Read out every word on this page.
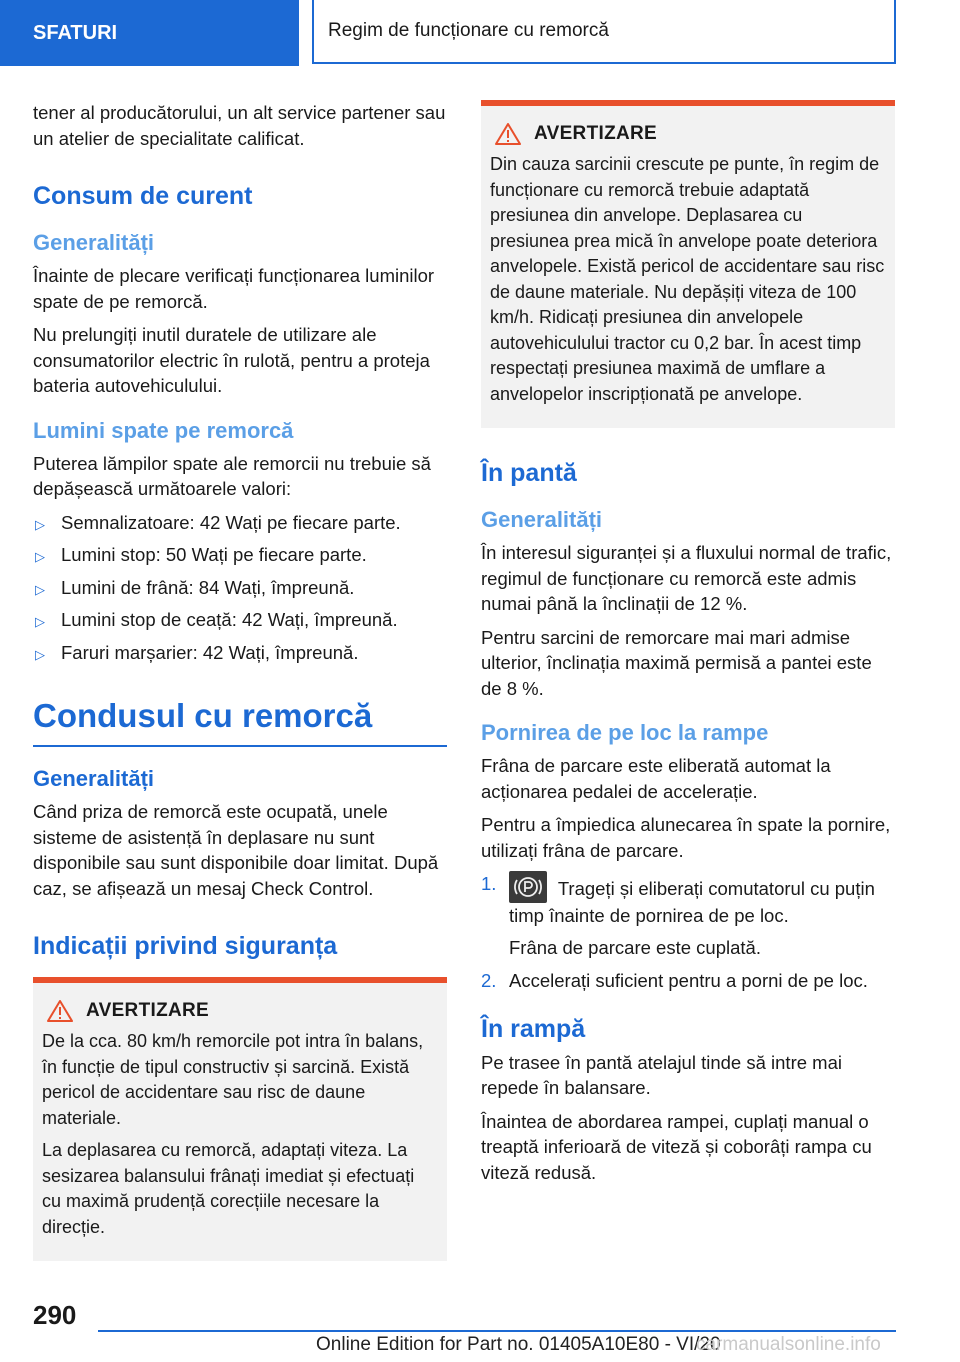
SFATURI	Regim de funcționare cu remorcă

tener al producătorului, un alt service partener sau un atelier de specialitate calificat.

Consum de curent
Generalități

Înainte de plecare verificați funcționarea luminilor spate de pe remorcă.

Nu prelungiți inutil duratele de utilizare ale consumatorilor electric în rulotă, pentru a proteja bateria autovehiculului.

Lumini spate pe remorcă

Puterea lămpilor spate ale remorcii nu trebuie să depășească următoarele valori:

▷ Semnalizatoare: 42 Wați pe fiecare parte.
▷ Lumini stop: 50 Wați pe fiecare parte.
▷ Lumini de frână: 84 Wați, împreună.
▷ Lumini stop de ceață: 42 Wați, împreună.
▷ Faruri marșarier: 42 Wați, împreună.
Condusul cu remorcă
Generalități

Când priza de remorcă este ocupată, unele sisteme de asistență în deplasare nu sunt disponibile sau sunt disponibile doar limitat. După caz, se afișează un mesaj Check Control.

Indicații privind siguranța
AVERTIZARE

De la cca. 80 km/h remorcile pot intra în balans, în funcție de tipul constructiv și sarcină. Există pericol de accidentare sau risc de daune materiale.

La deplasarea cu remorcă, adaptați viteza. La sesizarea balansului frânați imediat și efectuați cu maximă prudență corecțiile necesare la direcție.

AVERTIZARE

Din cauza sarcinii crescute pe punte, în regim de funcționare cu remorcă trebuie adaptată presiunea din anvelope. Deplasarea cu presiunea prea mică în anvelope poate deteriora anvelopele. Există pericol de accidentare sau risc de daune materiale. Nu depășiți viteza de 100 km/h. Ridicați presiunea din anvelopele autovehiculului tractor cu 0,2 bar. În acest timp respectați presiunea maximă de umflare a anvelopelor inscripționată pe anvelope.

În pantă
Generalități

În interesul siguranței și a fluxului normal de trafic, regimul de funcționare cu remorcă este admis numai până la înclinații de 12 %.

Pentru sarcini de remorcare mai mari admise ulterior, înclinația maximă permisă a pantei este de 8 %.

Pornirea de pe loc la rampe

Frâna de parcare este eliberată automat la acționarea pedalei de accelerație.

Pentru a împiedica alunecarea în spate la pornire, utilizați frâna de parcare.

1.	Trageți și eliberați comutatorul cu puțin timp înainte de pornirea de pe loc.
Frâna de parcare este cuplată.
2. Accelerați suficient pentru a porni de pe loc.
În rampă

Pe trasee în pantă atelajul tinde să intre mai repede în balansare.

Înaintea de abordarea rampei, cuplați manual o treaptă inferioară de viteză și coborâți rampa cu viteză redusă.

290
Online Edition for Part no. 01405A10E80 - VI/20
carmanualsonline.info
